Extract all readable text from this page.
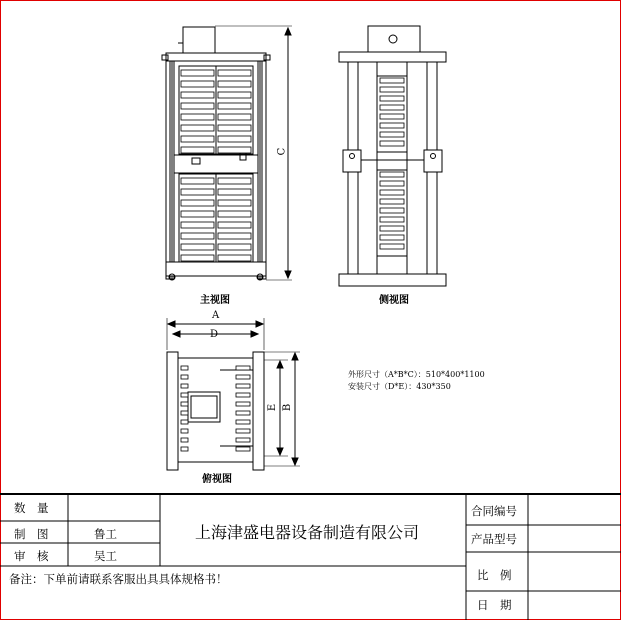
主视图	侧视图
俯视图
C
A
D
E B
外形尺寸（A*B*C）：510*400*1100
安装尺寸（D*E）：430*350
数　量
制　图	鲁工
审　核	吴工
上海津盛电器设备制造有限公司
备注：下单前请联系客服出具具体规格书！
合同编号
产品型号
比　例
日　期
